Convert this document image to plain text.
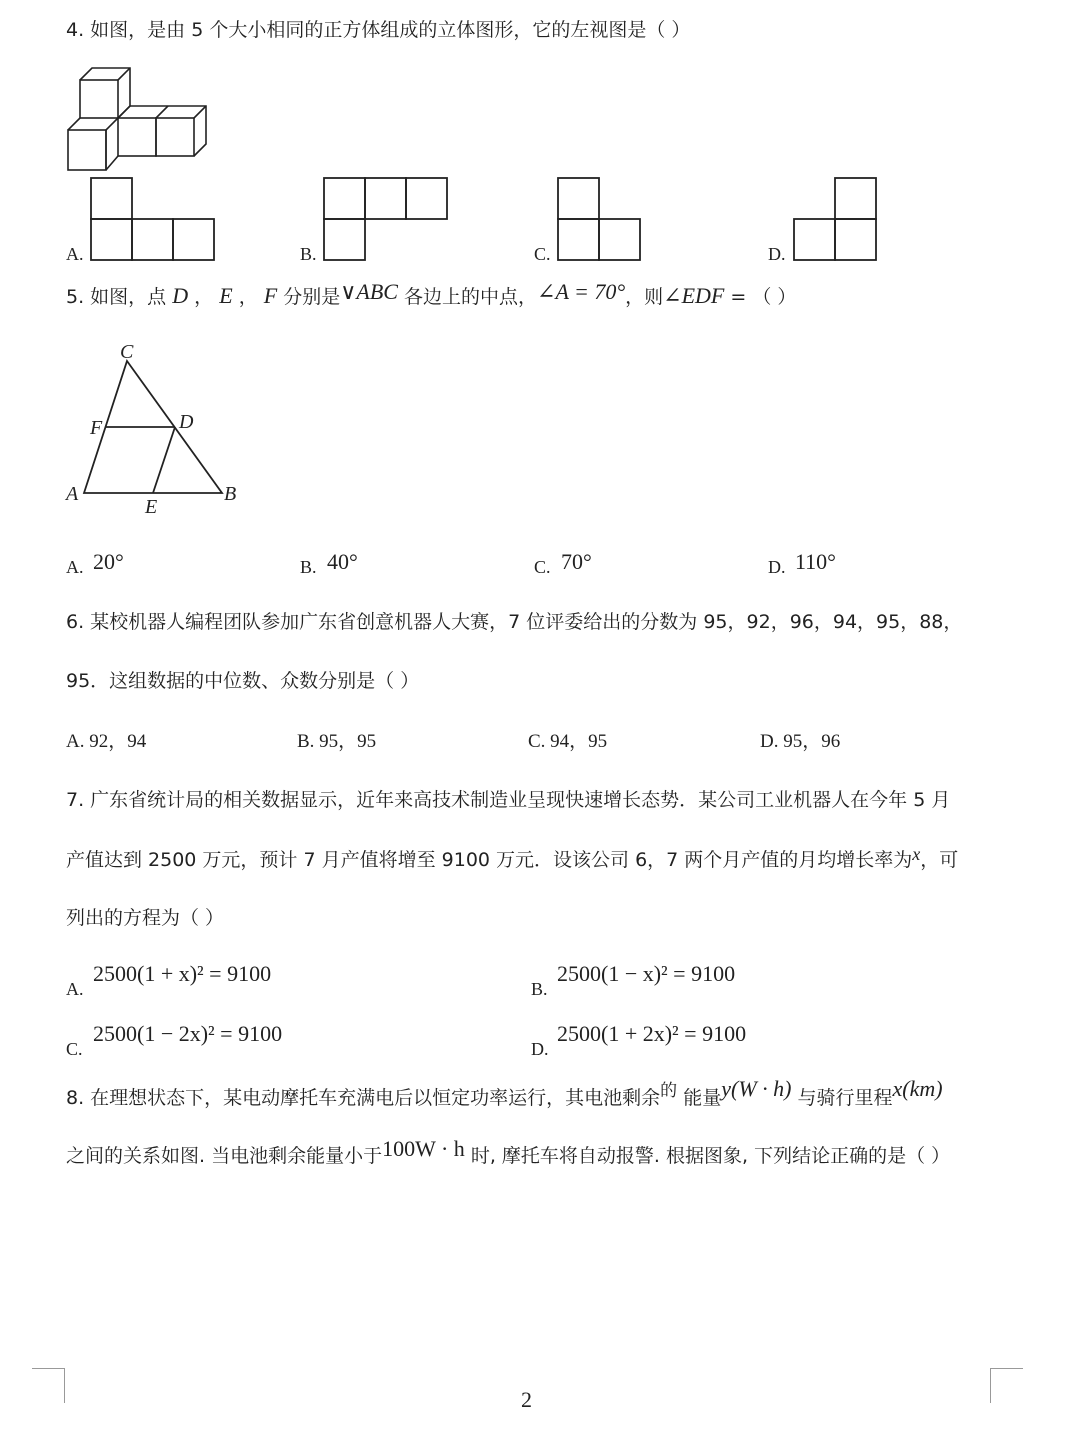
4. 如图，是由 5 个大小相同的正方体组成的立体图形，它的左视图是（ ）
A.	B.	C.	D.
5. 如图，点 D ， E ， F 分别是∨ABC 各边上的中点，∠A = 70°，则∠EDF = （ ）
C
F	D
A	B
E
A. 20°	B. 40°	C. 70°	D. 110°
6. 某校机器人编程团队参加广东省创意机器人大赛，7 位评委给出的分数为 95，92，96，94，95，88，
95．这组数据的中位数、众数分别是（ ）
A. 92，94	B. 95，95	C. 94，95	D. 95，96
7. 广东省统计局的相关数据显示，近年来高技术制造业呈现快速增长态势．某公司工业机器人在今年 5 月
产值达到 2500 万元，预计 7 月产值将增至 9100 万元．设该公司 6，7 两个月产值的月均增长率为x，可
列出的方程为（ ）
A.
2500(1 + x)² = 9100
B.
2500(1 − x)² = 9100
C.
2500(1 − 2x)² = 9100
D.
2500(1 + 2x)² = 9100
8. 在理想状态下，某电动摩托车充满电后以恒定功率运行，其电池剩余的 能量y(W · h) 与骑行里程x(km)
之间的关系如图. 当电池剩余能量小于100W · h 时, 摩托车将自动报警. 根据图象, 下列结论正确的是（ ）
2
